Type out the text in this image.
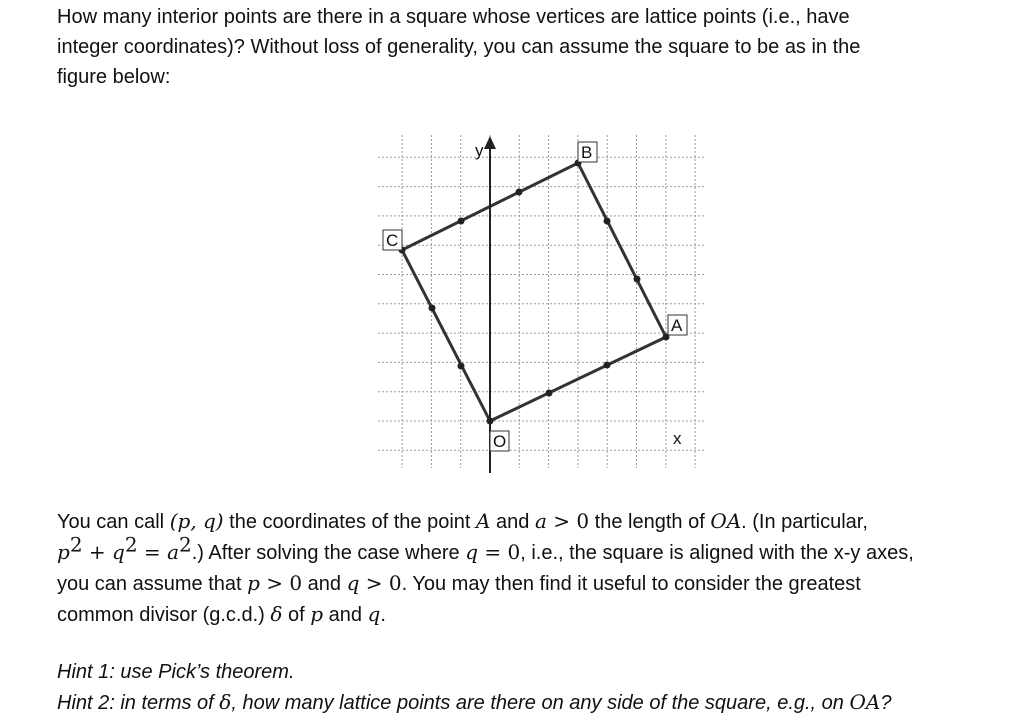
How many interior points are there in a square whose vertices are lattice points (i.e., have
integer coordinates)? Without loss of generality, you can assume the square to be as in the
figure below:

B
C
A
O
y
x

You can call (p, q) the coordinates of the point A and a > 0 the length of OA. (In particular,
$p^2 + q^2 = a^2$.) After solving the case where q = 0, i.e., the square is aligned with the x-y axes,
you can assume that p > 0 and q > 0. You may then find it useful to consider the greatest
common divisor (g.c.d.) δ of p and q.

Hint 1: use Pick’s theorem.
Hint 2: in terms of δ, how many lattice points are there on any side of the square, e.g., on OA?
